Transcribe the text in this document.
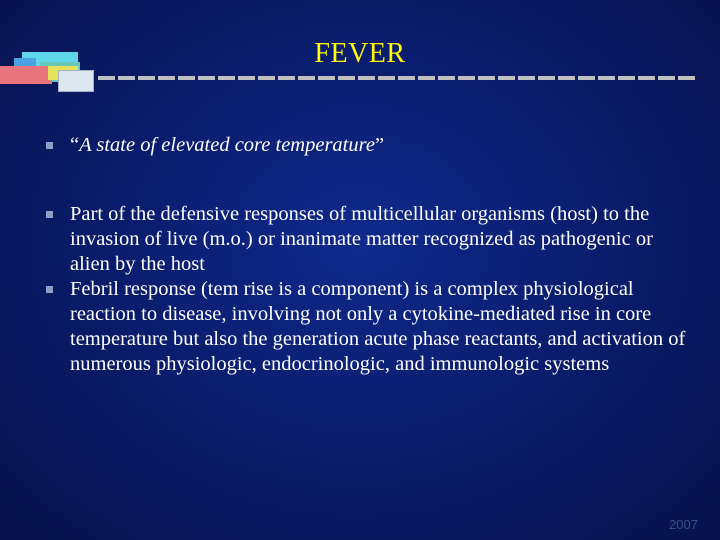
FEVER

“A state of elevated core temperature”

Part of the defensive responses of multicellular organisms (host) to the invasion of live (m.o.) or inanimate matter recognized as pathogenic or alien by the host

Febril response (tem rise is a component) is a complex physiological reaction to disease, involving not only a cytokine-mediated rise in core temperature but also the generation acute phase reactants, and activation of numerous physiologic, endocrinologic, and immunologic systems

2007
